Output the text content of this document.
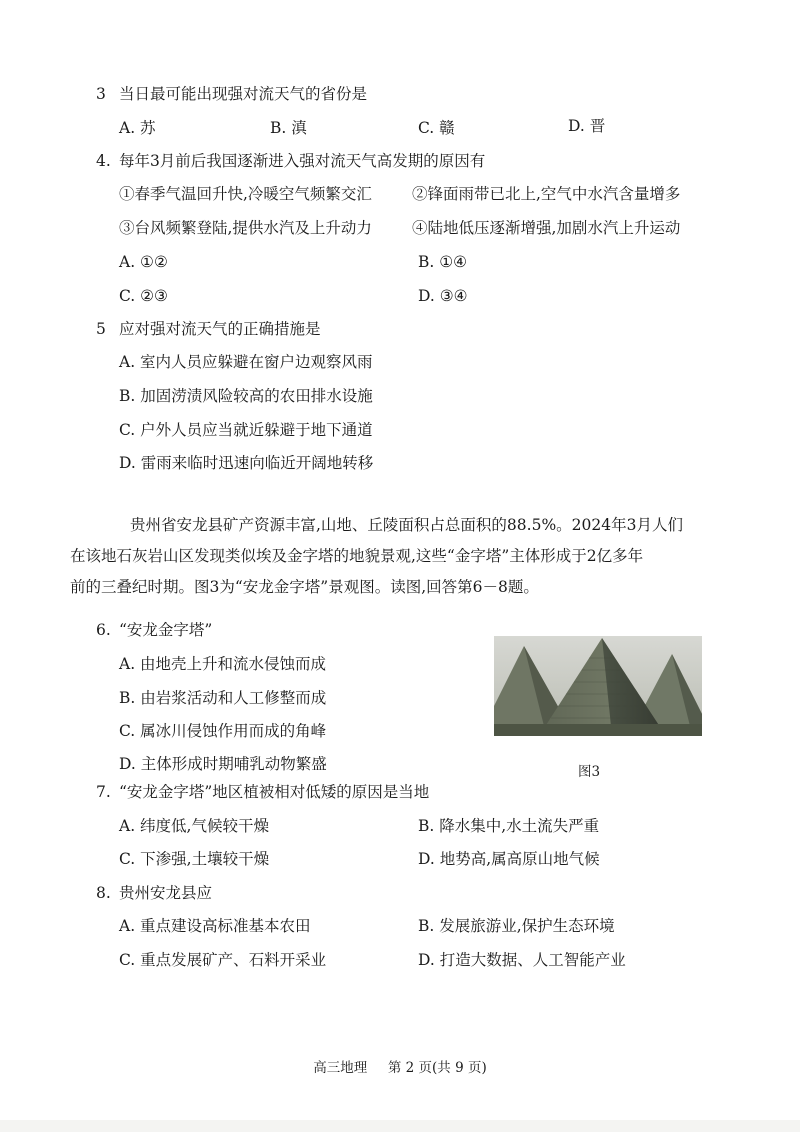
3 当日最可能出现强对流天气的省份是
A. 苏	B. 滇	C. 赣	D. 晋
4. 每年3月前后我国逐渐进入强对流天气高发期的原因有
①春季气温回升快,冷暖空气频繁交汇	②锋面雨带已北上,空气中水汽含量增多
③台风频繁登陆,提供水汽及上升动力	④陆地低压逐渐增强,加剧水汽上升运动
A. ①②	B. ①④
C. ②③	D. ③④
5 应对强对流天气的正确措施是
A. 室内人员应躲避在窗户边观察风雨
B. 加固涝渍风险较高的农田排水设施
C. 户外人员应当就近躲避于地下通道
D. 雷雨来临时迅速向临近开阔地转移
贵州省安龙县矿产资源丰富,山地、丘陵面积占总面积的88.5%。2024年3月人们
在该地石灰岩山区发现类似埃及金字塔的地貌景观,这些“金字塔”主体形成于2亿多年
前的三叠纪时期。图3为“安龙金字塔”景观图。读图,回答第6－8题。
6. “安龙金字塔”
A. 由地壳上升和流水侵蚀而成
B. 由岩浆活动和人工修整而成
C. 属冰川侵蚀作用而成的角峰
D. 主体形成时期哺乳动物繁盛	图3
7. “安龙金字塔”地区植被相对低矮的原因是当地
A. 纬度低,气候较干燥	B. 降水集中,水土流失严重
C. 下渗强,土壤较干燥	D. 地势高,属高原山地气候
8. 贵州安龙县应
A. 重点建设高标准基本农田	B. 发展旅游业,保护生态环境
C. 重点发展矿产、石料开采业	D. 打造大数据、人工智能产业
高三地理 第 2 页(共 9 页)
